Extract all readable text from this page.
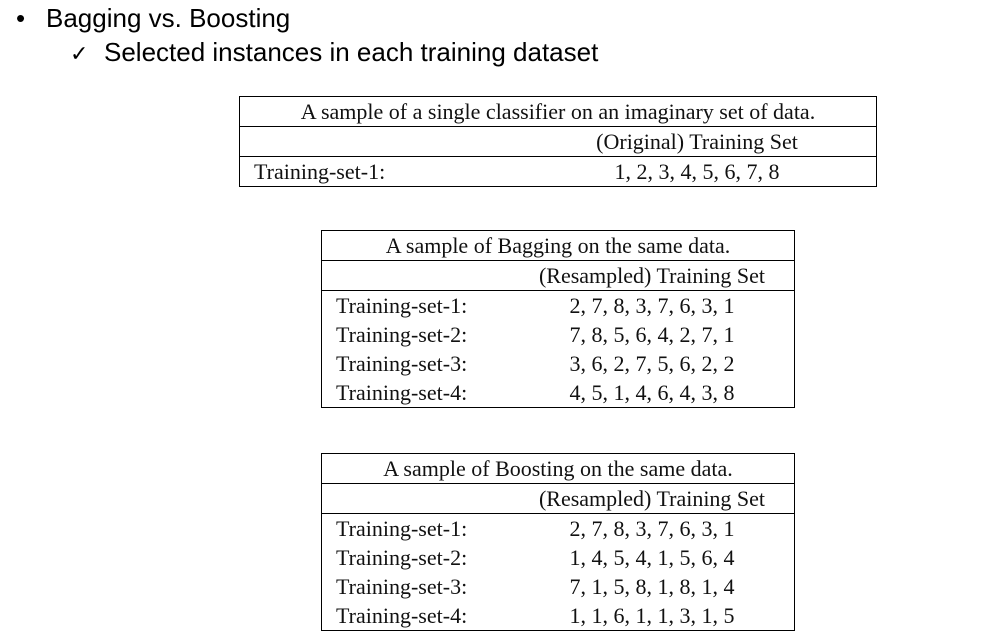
• Bagging vs. Boosting
✓ Selected instances in each training dataset
A sample of a single classifier on an imaginary set of data.	
	(Original) Training Set
Training-set-1:	1, 2, 3, 4, 5, 6, 7, 8
A sample of Bagging on the same data.	
	(Resampled) Training Set
Training-set-1:	2, 7, 8, 3, 7, 6, 3, 1
Training-set-2:	7, 8, 5, 6, 4, 2, 7, 1
Training-set-3:	3, 6, 2, 7, 5, 6, 2, 2
Training-set-4:	4, 5, 1, 4, 6, 4, 3, 8
A sample of Boosting on the same data.	
	(Resampled) Training Set
Training-set-1:	2, 7, 8, 3, 7, 6, 3, 1
Training-set-2:	1, 4, 5, 4, 1, 5, 6, 4
Training-set-3:	7, 1, 5, 8, 1, 8, 1, 4
Training-set-4:	1, 1, 6, 1, 1, 3, 1, 5
